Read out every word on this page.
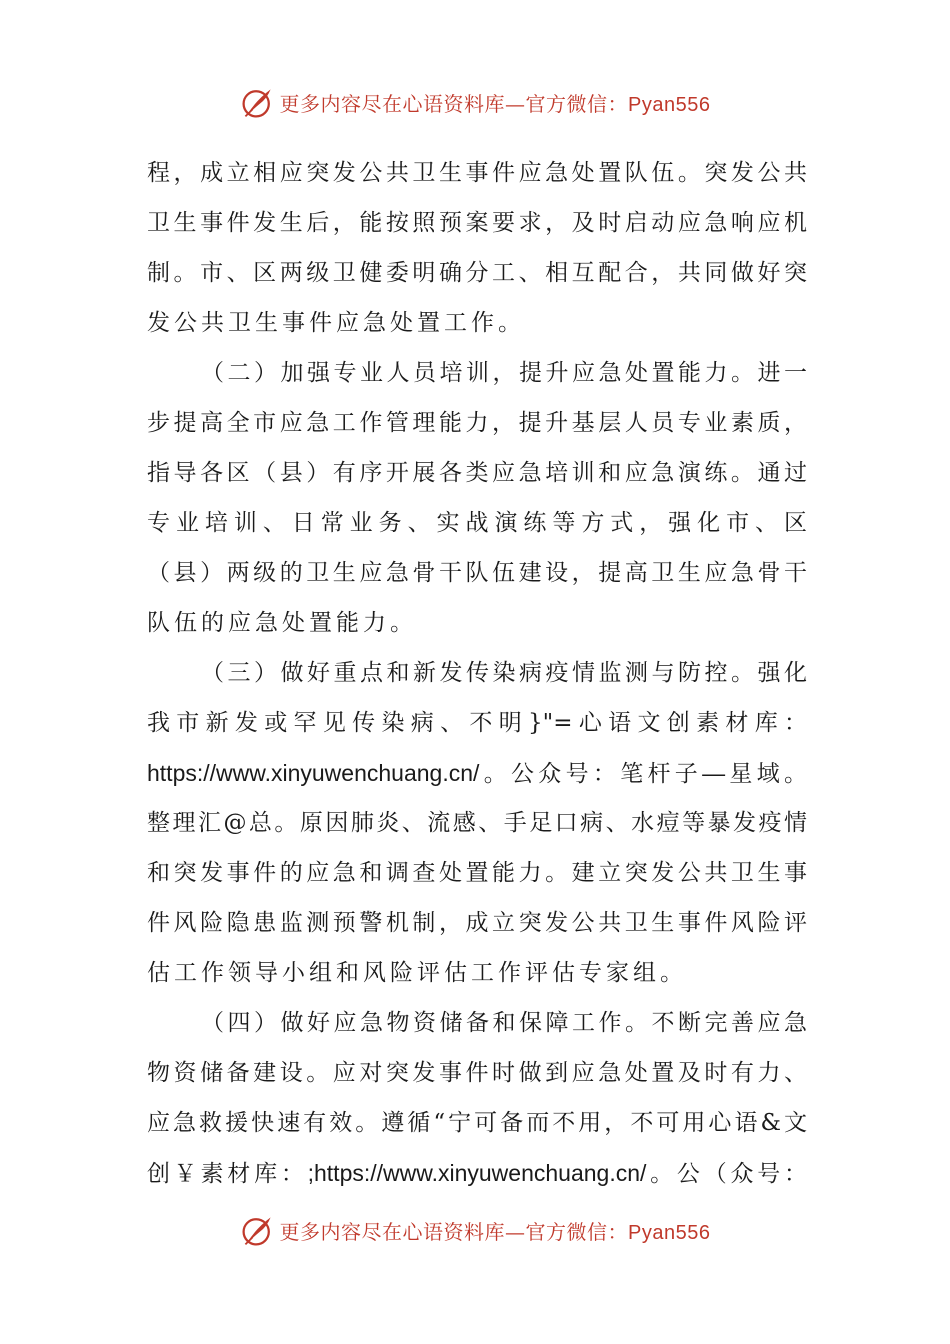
更多内容尽在心语资料库—官方微信：Pyan556
程，成立相应突发公共卫生事件应急处置队伍。突发公共
卫生事件发生后，能按照预案要求，及时启动应急响应机
制。市、区两级卫健委明确分工、相互配合，共同做好突
发公共卫生事件应急处置工作。
（二）加强专业人员培训，提升应急处置能力。进一
步提高全市应急工作管理能力，提升基层人员专业素质，
指导各区（县）有序开展各类应急培训和应急演练。通过
专业培训、日常业务、实战演练等方式，强化市、区
（县）两级的卫生应急骨干队伍建设，提高卫生应急骨干
队伍的应急处置能力。
（三）做好重点和新发传染病疫情监测与防控。强化
我市新发或罕见传染病、不明}"=心语文创素材库：
https://www.xinyuwenchuang.cn/。公众号：笔杆子—星域。
整理汇@总。原因肺炎、流感、手足口病、水痘等暴发疫情
和突发事件的应急和调查处置能力。建立突发公共卫生事
件风险隐患监测预警机制，成立突发公共卫生事件风险评
估工作领导小组和风险评估工作评估专家组。
（四）做好应急物资储备和保障工作。不断完善应急
物资储备建设。应对突发事件时做到应急处置及时有力、
应急救援快速有效。遵循“宁可备而不用，不可用心语&文
创￥素材库：;https://www.xinyuwenchuang.cn/。公（众号：
更多内容尽在心语资料库—官方微信：Pyan556
